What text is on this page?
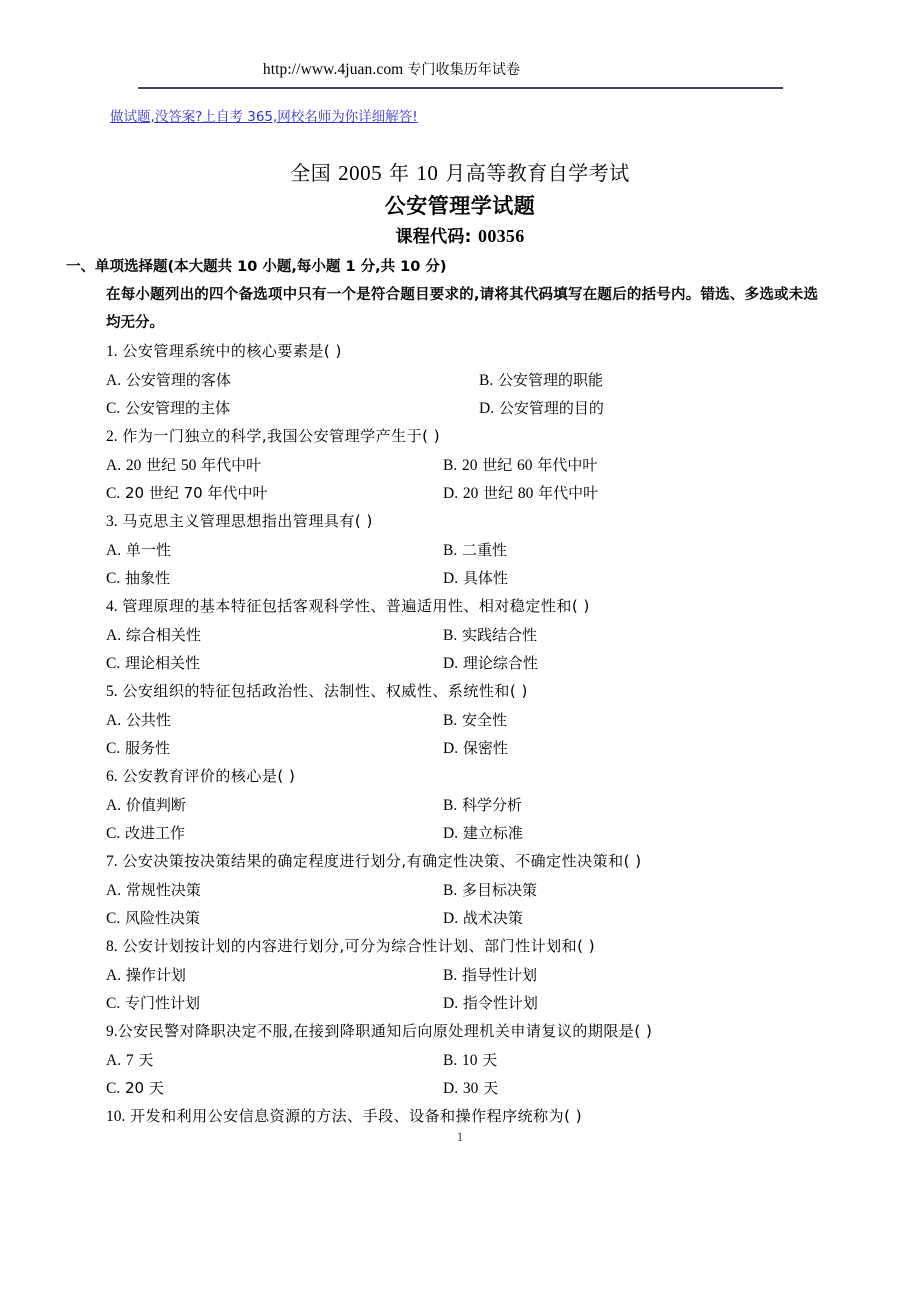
http://www.4juan.com 专门收集历年试卷
做试题,没答案?上自考 365,网校名师为你详细解答!
全国 2005 年 10 月高等教育自学考试
公安管理学试题
课程代码: 00356
一、单项选择题(本大题共 10 小题,每小题 1 分,共 10 分)
在每小题列出的四个备选项中只有一个是符合题目要求的,请将其代码填写在题后的括号内。错选、多选或未选均无分。
1. 公安管理系统中的核心要素是( )
A. 公安管理的客体	B. 公安管理的职能
C. 公安管理的主体	D. 公安管理的目的
2. 作为一门独立的科学,我国公安管理学产生于( )
A. 20 世纪 50 年代中叶	B. 20 世纪 60 年代中叶
C. 20 世纪 70 年代中叶	D. 20 世纪 80 年代中叶
3. 马克思主义管理思想指出管理具有( )
A. 单一性	B. 二重性
C. 抽象性	D. 具体性
4. 管理原理的基本特征包括客观科学性、普遍适用性、相对稳定性和( )
A. 综合相关性	B. 实践结合性
C. 理论相关性	D. 理论综合性
5. 公安组织的特征包括政治性、法制性、权威性、系统性和( )
A. 公共性	B. 安全性
C. 服务性	D. 保密性
6. 公安教育评价的核心是( )
A. 价值判断	B. 科学分析
C. 改进工作	D. 建立标准
7. 公安决策按决策结果的确定程度进行划分,有确定性决策、不确定性决策和( )
A. 常规性决策	B. 多目标决策
C. 风险性决策	D. 战术决策
8. 公安计划按计划的内容进行划分,可分为综合性计划、部门性计划和( )
A. 操作计划	B. 指导性计划
C. 专门性计划	D. 指令性计划
9.公安民警对降职决定不服,在接到降职通知后向原处理机关申请复议的期限是( )
A. 7 天	B. 10 天
C. 20 天	D. 30 天
10. 开发和利用公安信息资源的方法、手段、设备和操作程序统称为( )
1
